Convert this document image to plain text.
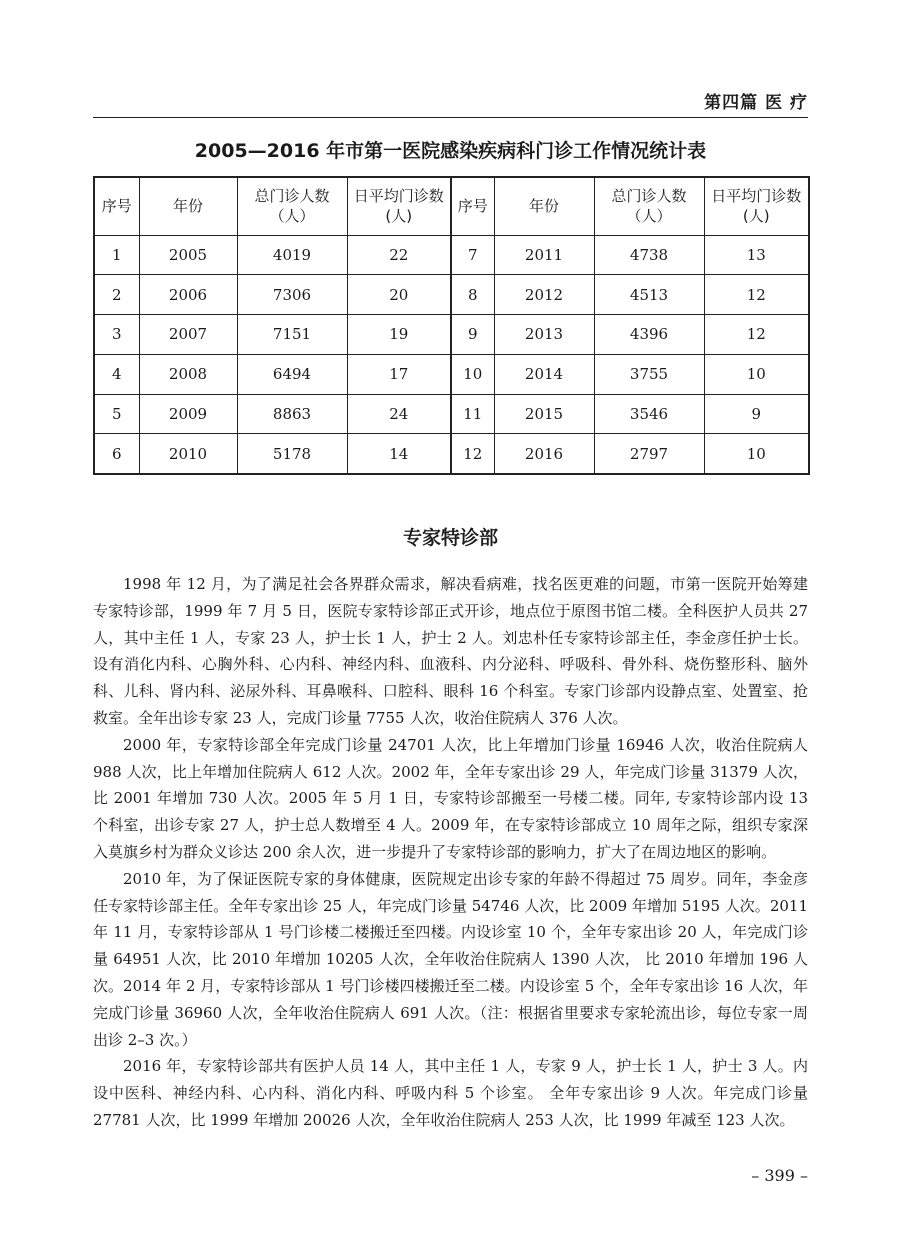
第四篇 医 疗
2005—2016 年市第一医院感染疾病科门诊工作情况统计表
序号	年份	总门诊人数（人）	日平均门诊数(人)	序号	年份	总门诊人数（人）	日平均门诊数(人)
1	2005	4019	22	7	2011	4738	13
2	2006	7306	20	8	2012	4513	12
3	2007	7151	19	9	2013	4396	12
4	2008	6494	17	10	2014	3755	10
5	2009	8863	24	11	2015	3546	9
6	2010	5178	14	12	2016	2797	10
专家特诊部

1998 年 12 月，为了满足社会各界群众需求，解决看病难，找名医更难的问题，市第一医院开始筹建专家特诊部，1999 年 7 月 5 日，医院专家特诊部正式开诊，地点位于原图书馆二楼。全科医护人员共 27 人，其中主任 1 人，专家 23 人，护士长 1 人，护士 2 人。刘忠朴任专家特诊部主任，李金彦任护士长。设有消化内科、心胸外科、心内科、神经内科、血液科、内分泌科、呼吸科、骨外科、烧伤整形科、脑外科、儿科、肾内科、泌尿外科、耳鼻喉科、口腔科、眼科 16 个科室。专家门诊部内设静点室、处置室、抢救室。全年出诊专家 23 人，完成门诊量 7755 人次，收治住院病人 376 人次。

2000 年，专家特诊部全年完成门诊量 24701 人次，比上年增加门诊量 16946 人次，收治住院病人 988 人次，比上年增加住院病人 612 人次。2002 年，全年专家出诊 29 人，年完成门诊量 31379 人次，比 2001 年增加 730 人次。2005 年 5 月 1 日，专家特诊部搬至一号楼二楼。同年, 专家特诊部内设 13 个科室，出诊专家 27 人，护士总人数增至 4 人。2009 年，在专家特诊部成立 10 周年之际，组织专家深入莫旗乡村为群众义诊达 200 余人次，进一步提升了专家特诊部的影响力，扩大了在周边地区的影响。

2010 年，为了保证医院专家的身体健康，医院规定出诊专家的年龄不得超过 75 周岁。同年，李金彦任专家特诊部主任。全年专家出诊 25 人，年完成门诊量 54746 人次，比 2009 年增加 5195 人次。2011 年 11 月，专家特诊部从 1 号门诊楼二楼搬迁至四楼。内设诊室 10 个，全年专家出诊 20 人，年完成门诊量 64951 人次，比 2010 年增加 10205 人次，全年收治住院病人 1390 人次， 比 2010 年增加 196 人次。2014 年 2 月，专家特诊部从 1 号门诊楼四楼搬迁至二楼。内设诊室 5 个，全年专家出诊 16 人次，年完成门诊量 36960 人次，全年收治住院病人 691 人次。（注：根据省里要求专家轮流出诊，每位专家一周出诊 2–3 次。）

2016 年，专家特诊部共有医护人员 14 人，其中主任 1 人，专家 9 人，护士长 1 人，护士 3 人。内设中医科、神经内科、心内科、消化内科、呼吸内科 5 个诊室。 全年专家出诊 9 人次。年完成门诊量 27781 人次，比 1999 年增加 20026 人次，全年收治住院病人 253 人次，比 1999 年减至 123 人次。

– 399 –
